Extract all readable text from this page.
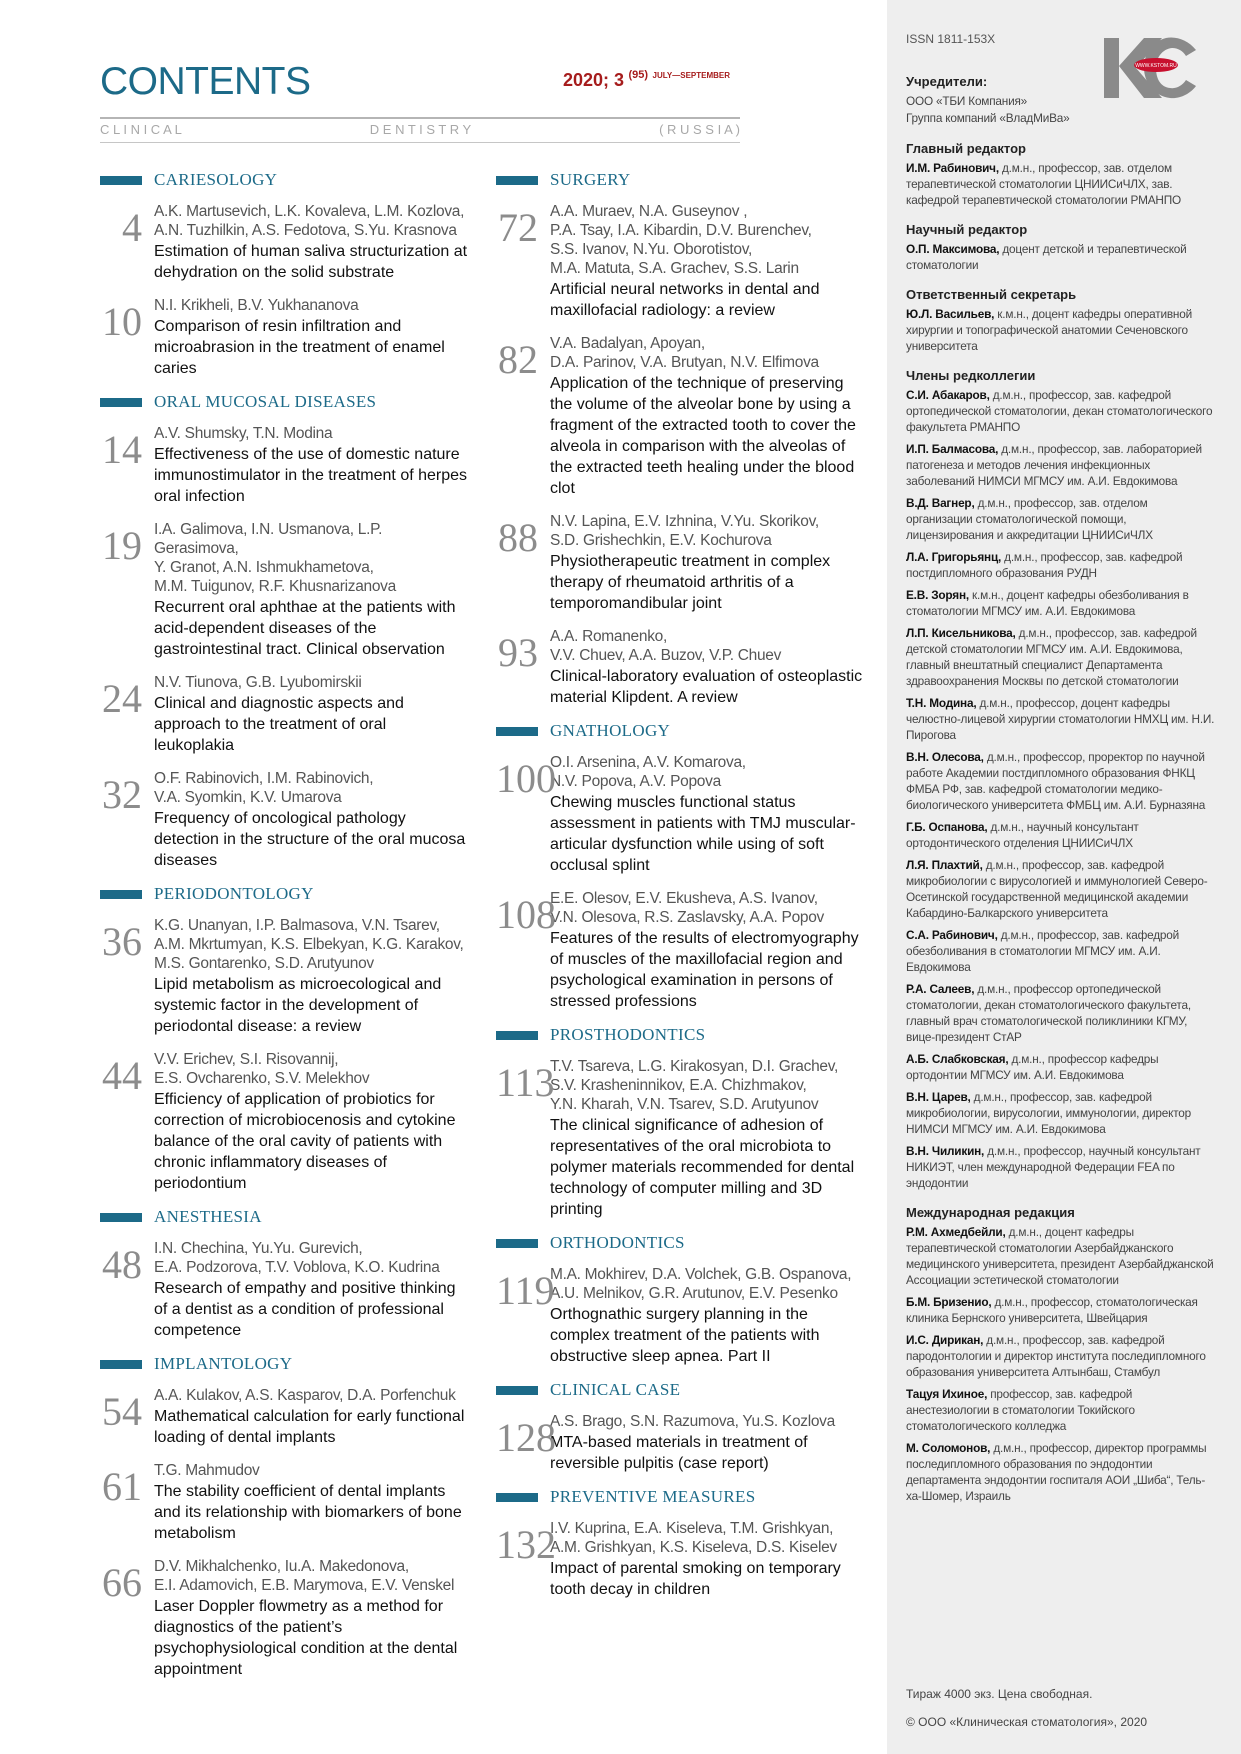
CONTENTS	2020; 3 $^{(95)}$ $^{JULY—SEPTEMBER}$
C L I N I C A L	D E N T I S T R Y	( R U S S I A )
CARIESOLOGY
4 A.K. Martusevich, L.K. Kovaleva, L.M. Kozlova,
A.N. Tuzhilkin, A.S. Fedotova, S.Yu. Krasnova
Estimation of human saliva structurization at dehydration on the solid substrate
10 N.I. Krikheli, B.V. Yukhananova
Comparison of resin infiltration and microabrasion in the treatment of enamel caries
ORAL MUCOSAL DISEASES
14 A.V. Shumsky, T.N. Modina
Effectiveness of the use of domestic nature immunostimulator in the treatment of herpes oral infection
19 I.A. Galimova, I.N. Usmanova, L.P. Gerasimova,
Y. Granot, A.N. Ishmukhametova,
M.M. Tuigunov, R.F. Khusnarizanova
Recurrent oral aphthae at the patients with acid-dependent diseases of the gastrointestinal tract. Clinical observation
24 N.V. Tiunova, G.B. Lyubomirskii
Clinical and diagnostic aspects and approach to the treatment of oral leukoplakia
32 O.F. Rabinovich, I.M. Rabinovich,
V.A. Syomkin, K.V. Umarova
Frequency of oncological pathology detection in the structure of the oral mucosa diseases
PERIODONTOLOGY
36 K.G. Unanyan, I.P. Balmasova, V.N. Tsarev,
A.M. Mkrtumyan, K.S. Elbekyan, K.G. Karakov,
M.S. Gontarenko, S.D. Arutyunov
Lipid metabolism as microecological and systemic factor in the development of periodontal disease: a review
44 V.V. Erichev, S.I. Risovannij,
E.S. Ovcharenko, S.V. Melekhov
Efficiency of application of probiotics for correction of microbiocenosis and cytokine balance of the oral cavity of patients with chronic inflammatory diseases of periodontium
ANESTHESIA
48 I.N. Chechina, Yu.Yu. Gurevich,
E.A. Podzorova, T.V. Voblova, K.O. Kudrina
Research of empathy and positive thinking of a dentist as a condition of professional competence
IMPLANTOLOGY
54 A.A. Kulakov, A.S. Kasparov, D.A. Porfenchuk
Mathematical calculation for early functional loading of dental implants
61 T.G. Mahmudov
The stability coefficient of dental implants and its relationship with biomarkers of bone metabolism
66 D.V. Mikhalchenko, Iu.A. Makedonova,
E.I. Adamovich, E.B. Marymova, E.V. Venskel
Laser Doppler flowmetry as a method for diagnostics of the patient’s psychophysiological condition at the dental appointment
SURGERY
72 A.A. Muraev, N.A. Guseynov ,
P.A. Tsay, I.A. Kibardin, D.V. Burenchev,
S.S. Ivanov, N.Yu. Oborotistov,
M.A. Matuta, S.A. Grachev, S.S. Larin
Artificial neural networks in dental and maxillofacial radiology: a review
82 V.A. Badalyan, Apoyan,
D.A. Parinov, V.A. Brutyan, N.V. Elfimova
Application of the technique of preserving the volume of the alveolar bone by using a fragment of the extracted tooth to cover the alveola in comparison with the alveolas of the extracted teeth healing under the blood clot
88 N.V. Lapina, E.V. Izhnina, V.Yu. Skorikov,
S.D. Grishechkin, E.V. Kochurova
Physiotherapeutic treatment in complex therapy of rheumatoid arthritis of a temporomandibular joint
93 A.A. Romanenko,
V.V. Chuev, A.A. Buzov, V.P. Chuev
Clinical-laboratory evaluation of osteoplastic material Klipdent. A review
GNATHOLOGY
100
O.I. Arsenina, A.V. Komarova,
N.V. Popova, A.V. Popova
Chewing muscles functional status assessment in patients with TMJ muscular-articular dysfunction while using of soft occlusal splint
108
E.E. Olesov, E.V. Ekusheva, A.S. Ivanov,
V.N. Olesova, R.S. Zaslavsky, A.A. Popov
Features of the results of electromyography of muscles of the maxillofacial region and psychological examination in persons of stressed professions
PROSTHODONTICS
113
T.V. Tsareva, L.G. Kirakosyan, D.I. Grachev,
S.V. Krasheninnikov, E.A. Chizhmakov,
Y.N. Kharah, V.N. Tsarev, S.D. Arutyunov
The clinical significance of adhesion of representatives of the oral microbiota to polymer materials recommended for dental technology of computer milling and 3D printing
ORTHODONTICS
119
M.A. Mokhirev, D.A. Volchek, G.B. Ospanova,
A.U. Melnikov, G.R. Arutunov, E.V. Pesenko
Orthognathic surgery planning in the complex treatment of the patients with obstructive sleep apnea. Part II
CLINICAL CASE
128
A.S. Brago, S.N. Razumova, Yu.S. Kozlova
MTA-based materials in treatment of reversible pulpitis (case report)
PREVENTIVE MEASURES
132
I.V. Kuprina, E.A. Kiseleva, T.M. Grishkyan,
A.M. Grishkyan, K.S. Kiseleva, D.S. Kiselev
Impact of parental smoking on temporary tooth decay in children
WWW.KSTOM.RU
ISSN 1811-153X
Учредители:
ООО «ТБИ Компания»
Группа компаний «ВладМиВа»
Главный редактор

И.М. Рабинович, д.м.н., профессор, зав. отделом терапевтической стоматологии ЦНИИСиЧЛХ, зав. кафедрой терапевтической стоматологии РМАНПО

Научный редактор

О.П. Максимова, доцент детской и терапевтической стоматологии

Ответственный секретарь

Ю.Л. Васильев, к.м.н., доцент кафедры оперативной хирургии и топографической анатомии Сеченовского университета

Члены редколлегии

С.И. Абакаров, д.м.н., профессор, зав. кафедрой ортопедической стоматологии, декан стоматологического факультета РМАНПО

И.П. Балмасова, д.м.н., профессор, зав. лабораторией патогенеза и методов лечения инфекционных заболеваний НИМСИ МГМСУ им. А.И. Евдокимова

В.Д. Вагнер, д.м.н., профессор, зав. отделом организации стоматологической помощи, лицензирования и аккредитации ЦНИИСиЧЛХ

Л.А. Григорьянц, д.м.н., профессор, зав. кафедрой постдипломного образования РУДН

Е.В. Зорян, к.м.н., доцент кафедры обезболивания в стоматологии МГМСУ им. А.И. Евдокимова

Л.П. Кисельникова, д.м.н., профессор, зав. кафедрой детской стоматологии МГМСУ им. А.И. Евдокимова, главный внештатный специалист Департамента здравоохранения Москвы по детской стоматологии

Т.Н. Модина, д.м.н., профессор, доцент кафедры челюстно-лицевой хирургии стоматологии НМХЦ им. Н.И. Пирогова

В.Н. Олесова, д.м.н., профессор, проректор по научной работе Академии постдипломного образования ФНКЦ ФМБА РФ, зав. кафедрой стоматологии медико-биологического университета ФМБЦ им. А.И. Бурназяна

Г.Б. Оспанова, д.м.н., научный консультант ортодонтического отделения ЦНИИСиЧЛХ

Л.Я. Плахтий, д.м.н., профессор, зав. кафедрой микробиологии с вирусологией и иммунологией Северо-Осетинской государственной медицинской академии Кабардино-Балкарского университета

С.А. Рабинович, д.м.н., профессор, зав. кафедрой обезболивания в стоматологии МГМСУ им. А.И. Евдокимова

Р.А. Салеев, д.м.н., профессор ортопедической стоматологии, декан стоматологического факультета, главный врач стоматологической поликлиники КГМУ, вице-президент СтАР

А.Б. Слабковская, д.м.н., профессор кафедры ортодонтии МГМСУ им. А.И. Евдокимова

В.Н. Царев, д.м.н., профессор, зав. кафедрой микробиологии, вирусологии, иммунологии, директор НИМСИ МГМСУ им. А.И. Евдокимова

В.Н. Чиликин, д.м.н., профессор, научный консультант НИКИЭТ, член международной Федерации FEA по эндодонтии

Международная редакция

Р.М. Ахмедбейли, д.м.н., доцент кафедры терапевтической стоматологии Азербайджанского медицинского университета, президент Азербайджанской Ассоциации эстетической стоматологии

Б.М. Бризенио, д.м.н., профессор, стоматологическая клиника Бернского университета, Швейцария

И.С. Дирикан, д.м.н., профессор, зав. кафедрой пародонтологии и директор института последипломного образования университета Алтынбаш, Стамбул

Тацуя Ихиное, профессор, зав. кафедрой анестезиологии в стоматологии Токийского стоматологического колледжа

М. Соломонов, д.м.н., профессор, директор программы последипломного образования по эндодонтии департамента эндодонтии госпиталя АОИ „Шиба“, Тель-ха-Шомер, Израиль

Тираж 4000 экз. Цена свободная.
© ООО «Клиническая стоматология», 2020
